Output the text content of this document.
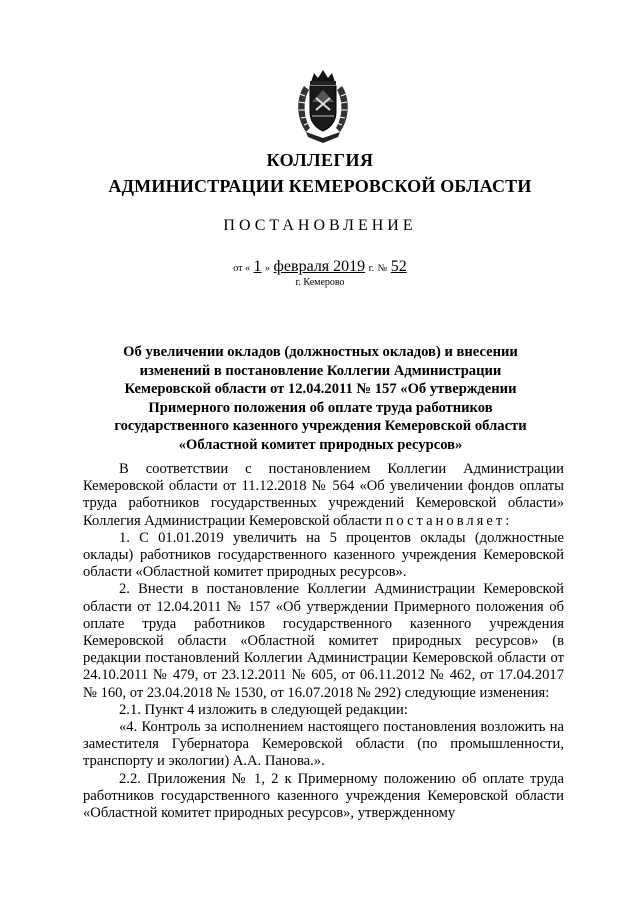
КОЛЛЕГИЯ
АДМИНИСТРАЦИИ КЕМЕРОВСКОЙ ОБЛАСТИ
ПОСТАНОВЛЕНИЕ
от « 1 » февраля 2019 г. № 52
г. Кемерово
Об увеличении окладов (должностных окладов) и внесении изменений в постановление Коллегии Администрации Кемеровской области от 12.04.2011 № 157 «Об утверждении Примерного положения об оплате труда работников государственного казенного учреждения Кемеровской области «Областной комитет природных ресурсов»

В соответствии с постановлением Коллегии Администрации Кемеровской области от 11.12.2018 № 564 «Об увеличении фондов оплаты труда работников государственных учреждений Кемеровской области» Коллегия Администрации Кемеровской области постановляет:

1. С 01.01.2019 увеличить на 5 процентов оклады (должностные оклады) работников государственного казенного учреждения Кемеровской области «Областной комитет природных ресурсов».

2. Внести в постановление Коллегии Администрации Кемеровской области от 12.04.2011 № 157 «Об утверждении Примерного положения об оплате труда работников государственного казенного учреждения Кемеровской области «Областной комитет природных ресурсов» (в редакции постановлений Коллегии Администрации Кемеровской области от 24.10.2011 № 479, от 23.12.2011 № 605, от 06.11.2012 № 462, от 17.04.2017 № 160, от 23.04.2018 № 1530, от 16.07.2018 № 292) следующие изменения:

2.1. Пункт 4 изложить в следующей редакции:

«4. Контроль за исполнением настоящего постановления возложить на заместителя Губернатора Кемеровской области (по промышленности, транспорту и экологии) А.А. Панова.».

2.2. Приложения № 1, 2 к Примерному положению об оплате труда работников государственного казенного учреждения Кемеровской области «Областной комитет природных ресурсов», утвержденному
